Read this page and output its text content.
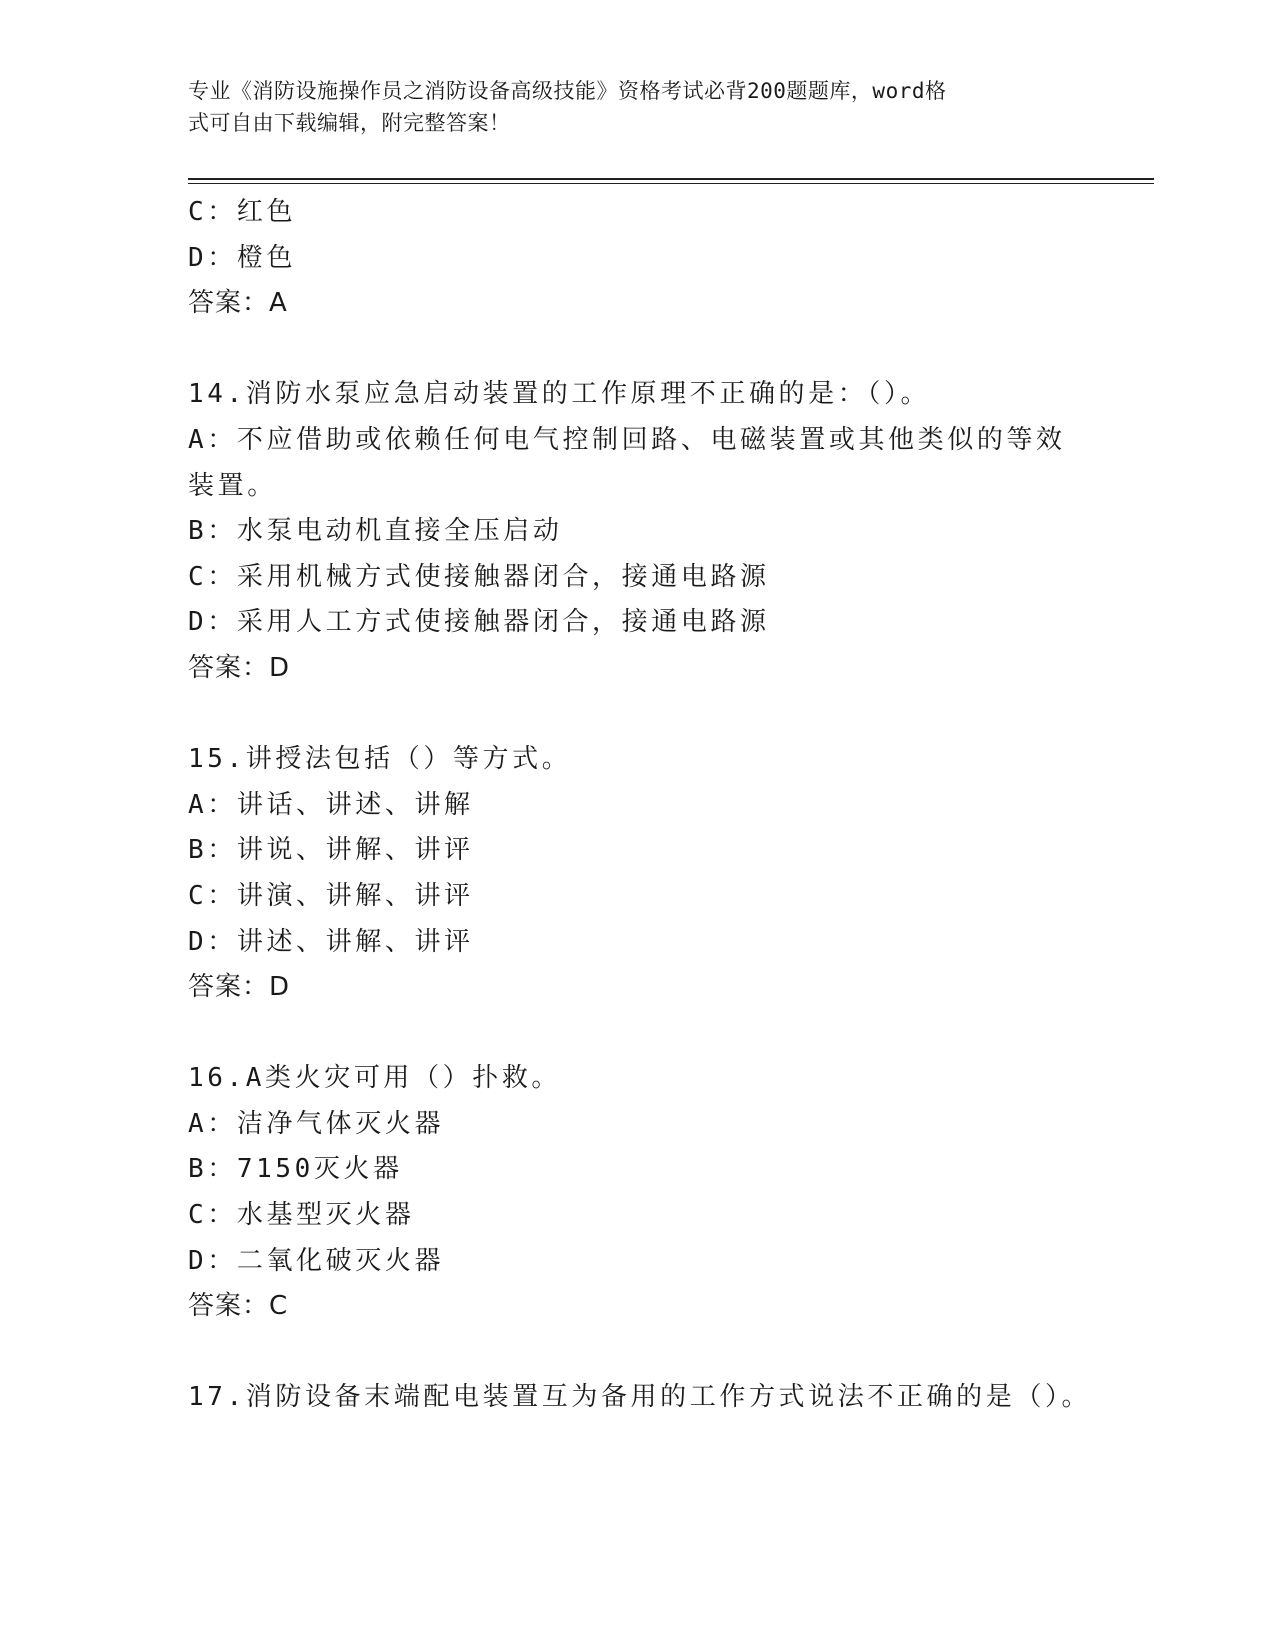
专业《消防设施操作员之消防设备高级技能》资格考试必背200题题库，word格
式可自由下载编辑，附完整答案！
C：红色
D：橙色
答案：A
14.消防水泵应急启动装置的工作原理不正确的是：（）。
A：不应借助或依赖任何电气控制回路、电磁装置或其他类似的等效装置。
B：水泵电动机直接全压启动
C：采用机械方式使接触器闭合，接通电路源
D：采用人工方式使接触器闭合，接通电路源
答案：D
15.讲授法包括（）等方式。
A：讲话、讲述、讲解
B：讲说、讲解、讲评
C：讲演、讲解、讲评
D：讲述、讲解、讲评
答案：D
16.A类火灾可用（）扑救。
A：洁净气体灭火器
B：7150灭火器
C：水基型灭火器
D：二氧化破灭火器
答案：C
17.消防设备末端配电装置互为备用的工作方式说法不正确的是（）。
